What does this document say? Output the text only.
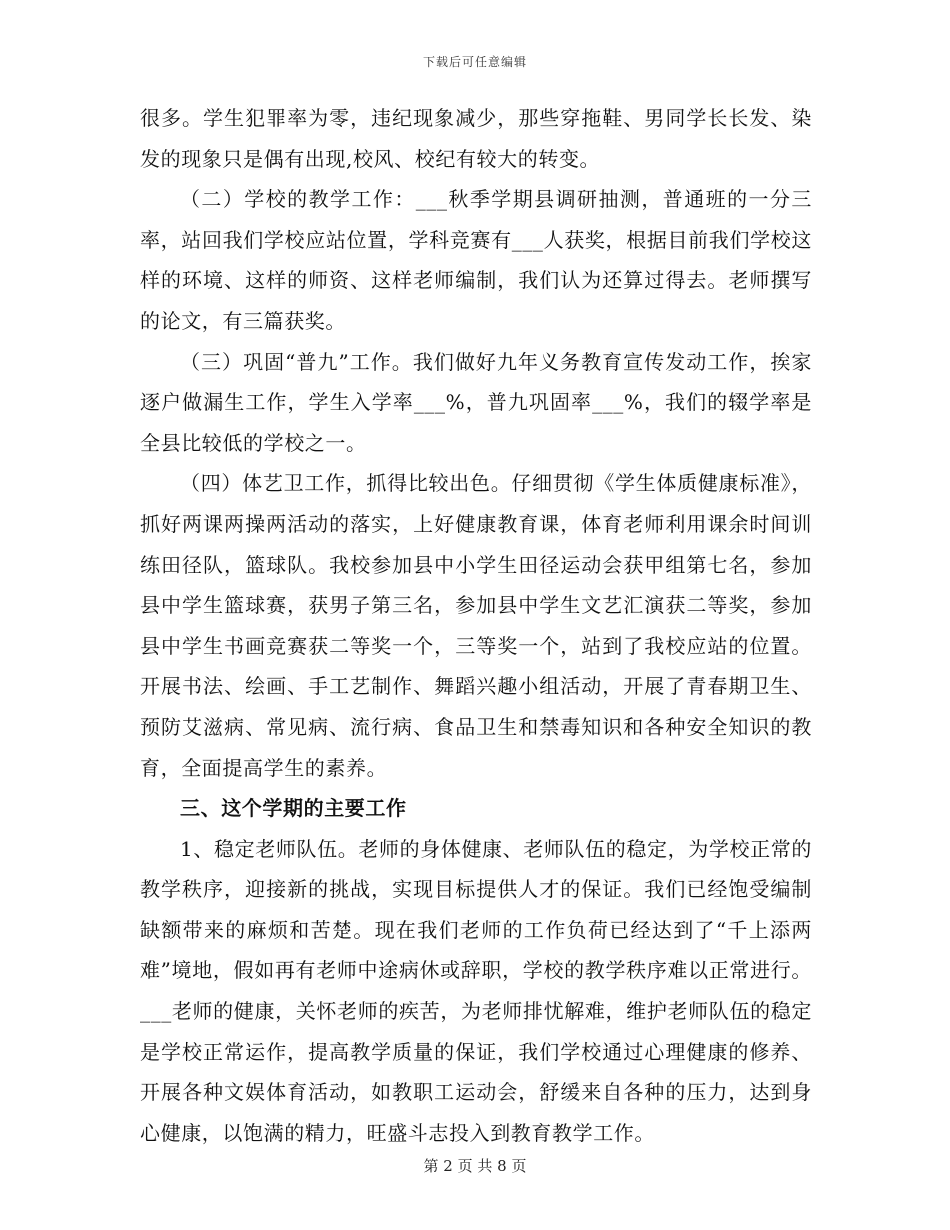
下载后可任意编辑

很多。学生犯罪率为零，违纪现象减少，那些穿拖鞋、男同学长长发、染发的现象只是偶有出现,校风、校纪有较大的转变。

（二）学校的教学工作：___秋季学期县调研抽测，普通班的一分三率，站回我们学校应站位置，学科竞赛有___人获奖，根据目前我们学校这样的环境、这样的师资、这样老师编制，我们认为还算过得去。老师撰写的论文，有三篇获奖。

（三）巩固“普九”工作。我们做好九年义务教育宣传发动工作，挨家逐户做漏生工作，学生入学率___%，普九巩固率___%，我们的辍学率是全县比较低的学校之一。

（四）体艺卫工作，抓得比较出色。仔细贯彻《学生体质健康标准》，抓好两课两操两活动的落实，上好健康教育课，体育老师利用课余时间训练田径队，篮球队。我校参加县中小学生田径运动会获甲组第七名，参加县中学生篮球赛，获男子第三名，参加县中学生文艺汇演获二等奖，参加县中学生书画竞赛获二等奖一个，三等奖一个，站到了我校应站的位置。开展书法、绘画、手工艺制作、舞蹈兴趣小组活动，开展了青春期卫生、预防艾滋病、常见病、流行病、食品卫生和禁毒知识和各种安全知识的教育，全面提高学生的素养。

三、这个学期的主要工作

1、稳定老师队伍。老师的身体健康、老师队伍的稳定，为学校正常的教学秩序，迎接新的挑战，实现目标提供人才的保证。我们已经饱受编制缺额带来的麻烦和苦楚。现在我们老师的工作负荷已经达到了“千上添两难”境地，假如再有老师中途病休或辞职，学校的教学秩序难以正常进行。___老师的健康，关怀老师的疾苦，为老师排忧解难，维护老师队伍的稳定是学校正常运作，提高教学质量的保证，我们学校通过心理健康的修养、开展各种文娱体育活动，如教职工运动会，舒缓来自各种的压力，达到身心健康，以饱满的精力，旺盛斗志投入到教育教学工作。

第 2 页 共 8 页
